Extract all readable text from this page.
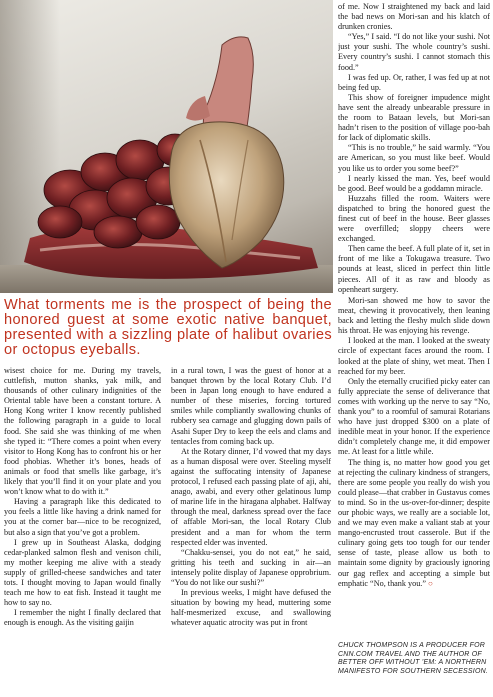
of me. Now I straightened my back and laid the bad news on Mori-san and his klatch of drunken cronies.

“Yes,” I said. “I do not like your sushi. Not just your sushi. The whole country’s sushi. Every country’s sushi. I cannot stomach this food.”

I was fed up. Or, rather, I was fed up at not being fed up.

This show of foreigner impudence might have sent the already unbearable pressure in the room to Bataan levels, but Mori-san hadn’t risen to the position of village poo-bah for lack of diplomatic skills.

“This is no trouble,” he said warmly. “You are American, so you must like beef. Would you like us to order you some beef?”

I nearly kissed the man. Yes, beef would be good. Beef would be a goddamn miracle.

Huzzahs filled the room. Waiters were dispatched to bring the honored guest the finest cut of beef in the house. Beer glasses were overfilled; sloppy cheers were exchanged.

Then came the beef. A full plate of it, set in front of me like a Tokugawa treasure. Two pounds at least, sliced in perfect thin little pieces. All of it as raw and bloody as openheart surgery.

What torments me is the prospect of being the honored guest at some exotic native banquet, presented with a sizzling plate of halibut ovaries or octopus eyeballs.

wisest choice for me. During my travels, cuttlefish, mutton shanks, yak milk, and thousands of other culinary indignities of the Oriental table have been a constant torture. A Hong Kong writer I know recently published the following paragraph in a guide to local food. She said she was thinking of me when she typed it: “There comes a point when every visitor to Hong Kong has to confront his or her food phobias. Whether it’s bones, heads of animals or food that smells like garbage, it’s likely that you’ll find it on your plate and you won’t know what to do with it.”

Having a paragraph like this dedicated to you feels a little like having a drink named for you at the corner bar—nice to be recognized, but also a sign that you’ve got a problem.

I grew up in Southeast Alaska, dodging cedar-planked salmon flesh and venison chili, my mother keeping me alive with a steady supply of grilled-cheese sandwiches and tater tots. I thought moving to Japan would finally teach me how to eat fish. Instead it taught me how to say no.

I remember the night I finally declared that enough is enough. As the visiting gaijin

in a rural town, I was the guest of honor at a banquet thrown by the local Rotary Club. I’d been in Japan long enough to have endured a number of these miseries, forcing tortured smiles while compliantly swallowing chunks of rubbery sea carnage and glugging down pails of Asahi Super Dry to keep the eels and clams and tentacles from coming back up.

At the Rotary dinner, I’d vowed that my days as a human disposal were over. Steeling myself against the suffocating intensity of Japanese protocol, I refused each passing plate of aji, ahi, anago, awabi, and every other gelatinous lump of marine life in the hiragana alphabet. Halfway through the meal, darkness spread over the face of affable Mori-san, the local Rotary Club president and a man for whom the term respected elder was invented.

“Chakku-sensei, you do not eat,” he said, gritting his teeth and sucking in air—an intensely polite display of Japanese opprobrium. “You do not like our sushi?”

In previous weeks, I might have defused the situation by bowing my head, muttering some half-mesmerized excuse, and swallowing whatever aquatic atrocity was put in front

Mori-san showed me how to savor the meat, chewing it provocatively, then leaning back and letting the fleshy mulch slide down his throat. He was enjoying his revenge.

I looked at the man. I looked at the sweaty circle of expectant faces around the room. I looked at the plate of shiny, wet meat. Then I reached for my beer.

Only the eternally crucified picky eater can fully appreciate the sense of deliverance that comes with working up the nerve to say “No, thank you” to a roomful of samurai Rotarians who have just dropped $300 on a plate of inedible meat in your honor. If the experience didn’t completely change me, it did empower me. At least for a little while.

The thing is, no matter how good you get at rejecting the culinary kindness of strangers, there are some people you really do wish you could please—that crabber in Gustavus comes to mind. So in the us-over-for-dinner; despite our phobic ways, we really are a sociable lot, and we may even make a valiant stab at your mango-encrusted trout casserole. But if the culinary going gets too tough for our tender sense of taste, please allow us both to maintain some dignity by graciously ignoring our gag reflex and accepting a simple but emphatic “No, thank you.” ○

CHUCK THOMPSON IS A PRODUCER FOR CNN.COM TRAVEL AND THE AUTHOR OF BETTER OFF WITHOUT ’EM: A NORTHERN MANIFESTO FOR SOUTHERN SECESSION.
